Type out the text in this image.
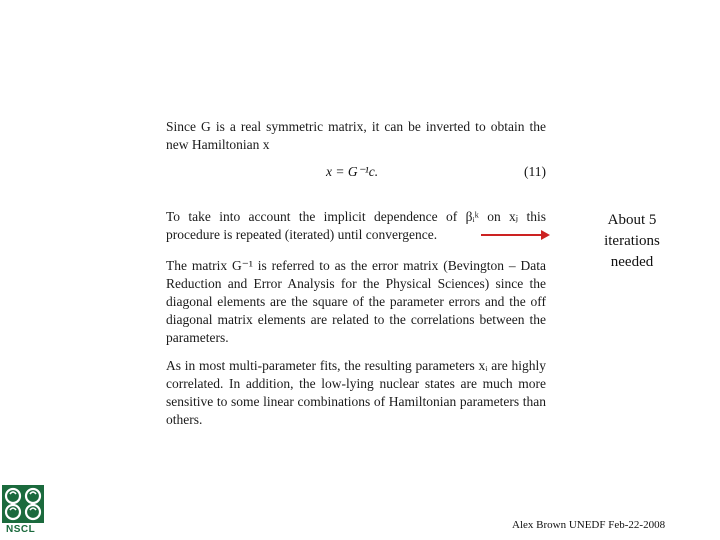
Since G is a real symmetric matrix, it can be inverted to obtain the new Hamiltonian x
x = G⁻¹c.	(11)
To take into account the implicit dependence of βᵢᵏ on xⱼ this procedure is repeated (iterated) until convergence.
The matrix G⁻¹ is referred to as the error matrix (Bevington – Data Reduction and Error Analysis for the Physical Sciences) since the diagonal elements are the square of the parameter errors and the off diagonal matrix elements are related to the correlations between the parameters.
As in most multi-parameter fits, the resulting parameters xᵢ are highly correlated. In addition, the low-lying nuclear states are much more sensitive to some linear combinations of Hamiltonian parameters than others.
About 5 iterations needed
NSCL	Alex Brown UNEDF Feb-22-2008
